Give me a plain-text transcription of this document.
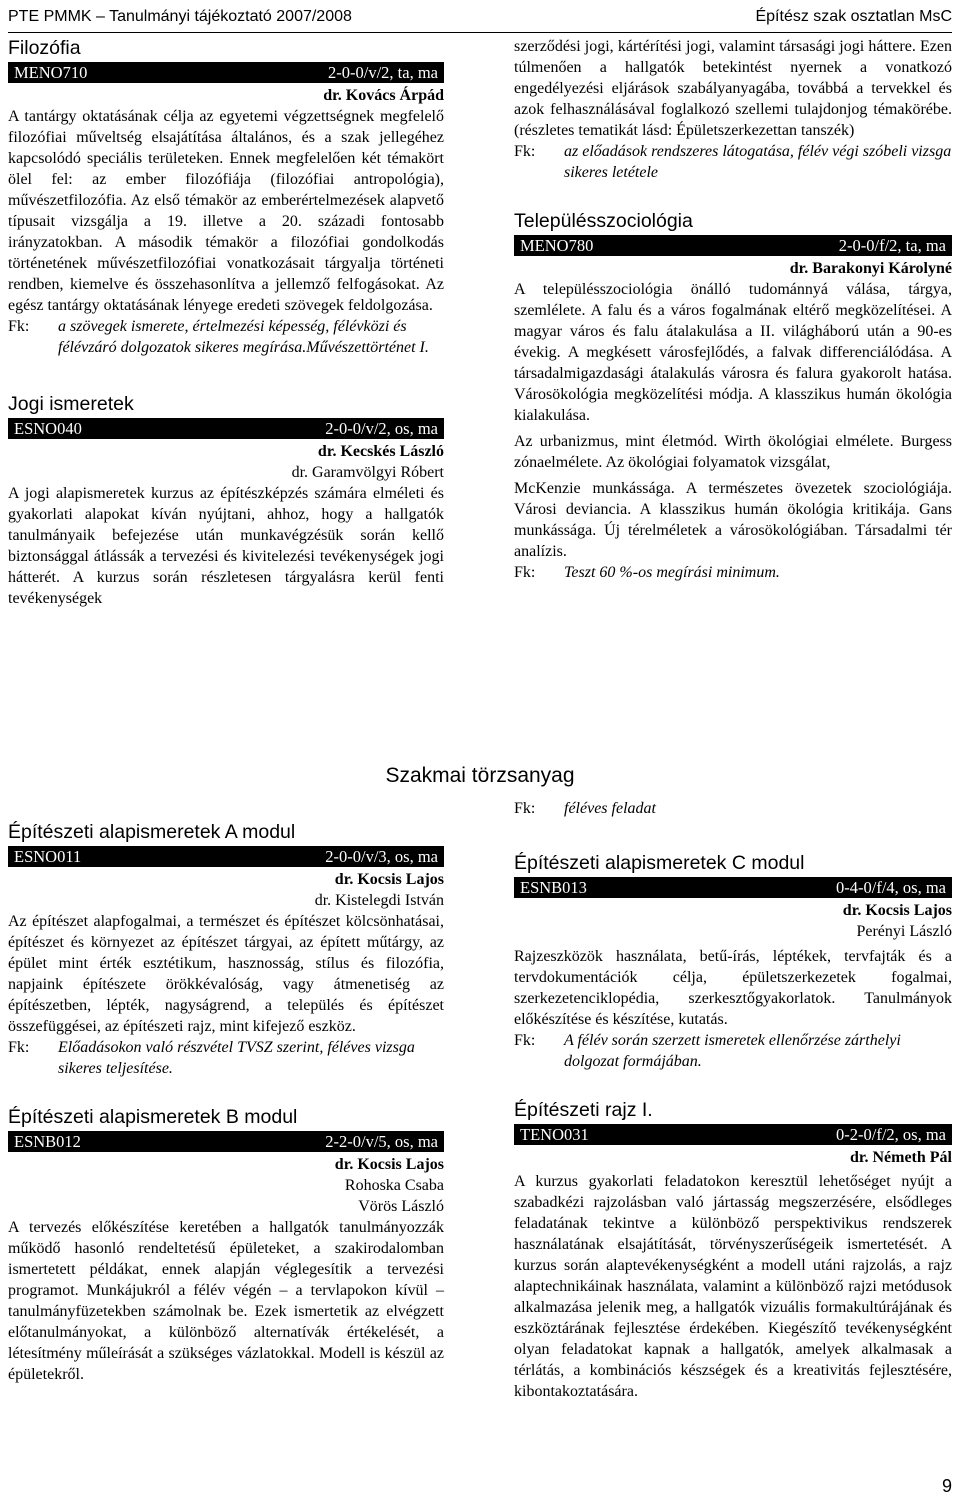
PTE PMMK – Tanulmányi tájékoztató 2007/2008	Építész szak osztatlan MsC
Filozófia
MENO710	2-0-0/v/2, ta, ma
dr. Kovács Árpád

A tantárgy oktatásának célja az egyetemi végzettségnek megfelelő filozófiai műveltség elsajátítása általános, és a szak jellegéhez kapcsolódó speciális területeken. Ennek megfelelően két témakört ölel fel: az ember filozófiája (filozófiai antropológia), művészetfilozófia. Az első témakör az emberértelmezések alapvető típusait vizsgálja a 19. illetve a 20. századi fontosabb irányzatokban. A második témakör a filozófiai gondolkodás történetének művészetfilozófiai vonatkozásait tárgyalja történeti rendben, kiemelve és összehasonlítva a jellemző felfogásokat. Az egész tantárgy oktatásának lényege eredeti szövegek feldolgozása.

Fk: a szövegek ismerete, értelmezési képesség, félévközi és félévzáró dolgozatok sikeres megírása.Művészettörténet I.
Jogi ismeretek
ESNO040	2-0-0/v/2, os, ma
dr. Kecskés László
dr. Garamvölgyi Róbert

A jogi alapismeretek kurzus az építészképzés számára elméleti és gyakorlati alapokat kíván nyújtani, ahhoz, hogy a hallgatók tanulmányaik befejezése után munkavégzésük során kellő biztonsággal átlássák a tervezési és kivitelezési tevékenységek jogi hátterét. A kurzus során részletesen tárgyalásra kerül fenti tevékenységek

szerződési jogi, kártérítési jogi, valamint társasági jogi háttere. Ezen túlmenően a hallgatók betekintést nyernek a vonatkozó engedélyezési eljárások szabályanyagába, továbbá a tervekkel és azok felhasználásával foglalkozó szellemi tulajdonjog témakörébe. (részletes tematikát lásd: Épületszerkezettan tanszék)

Fk: az előadások rendszeres látogatása, félév végi szóbeli vizsga sikeres letétele
Településszociológia
MENO780	2-0-0/f/2, ta, ma
dr. Barakonyi Károlyné

A településszociológia önálló tudománnyá válása, tárgya, szemlélete. A falu és a város fogalmának eltérő megközelítései. A magyar város és falu átalakulása a II. világháború után a 90-es évekig. A megkésett városfejlődés, a falvak differenciálódása. A társadalmigazdasági átalakulás városra és falura gyakorolt hatása. Városökológia megközelítési módja. A klasszikus humán ökológia kialakulása.

Az urbanizmus, mint életmód. Wirth ökológiai elmélete. Burgess zónaelmélete. Az ökológiai folyamatok vizsgálat,

McKenzie munkássága. A természetes övezetek szociológiája. Városi deviancia. A klasszikus humán ökológia kritikája. Gans munkássága. Új térelméletek a városökológiában. Társadalmi tér analízis.

Fk: Teszt 60 %-os megírási minimum.
Szakmai törzsanyag
Építészeti alapismeretek A modul
ESNO011	2-0-0/v/3, os, ma
dr. Kocsis Lajos
dr. Kistelegdi István

Az építészet alapfogalmai, a természet és építészet kölcsönhatásai, építészet és környezet az építészet tárgyai, az épített műtárgy, az épület mint érték esztétikum, hasznosság, stílus és filozófia, napjaink építészete örökkévalóság, vagy átmenetiség az építészetben, lépték, nagyságrend, a település és építészet összefüggései, az építészeti rajz, mint kifejező eszköz.

Fk: Előadásokon való részvétel TVSZ szerint, féléves vizsga sikeres teljesítése.
Építészeti alapismeretek B modul
ESNB012	2-2-0/v/5, os, ma
dr. Kocsis Lajos
Rohoska Csaba
Vörös László

A tervezés előkészítése keretében a hallgatók tanulmányozzák működő hasonló rendeltetésű épületeket, a szakirodalomban ismertetett példákat, ennek alapján véglegesítik a tervezési programot. Munkájukról a félév végén – a tervlapokon kívül – tanulmányfüzetekben számolnak be. Ezek ismertetik az elvégzett előtanulmányokat, a különböző alternatívák értékelését, a létesítmény műleírását a szükséges vázlatokkal. Modell is készül az épületekről.

Fk: féléves feladat
Építészeti alapismeretek C modul
ESNB013	0-4-0/f/4, os, ma
dr. Kocsis Lajos
Perényi László

Rajzeszközök használata, betű-írás, léptékek, tervfajták és a tervdokumentációk célja, épületszerkezetek fogalmai, szerkezetenciklopédia, szerkesztőgyakorlatok. Tanulmányok előkészítése és készítése, kutatás.

Fk: A félév során szerzett ismeretek ellenőrzése zárthelyi dolgozat formájában.
Építészeti rajz I.
TENO031	0-2-0/f/2, os, ma
dr. Németh Pál

A kurzus gyakorlati feladatokon keresztül lehetőséget nyújt a szabadkézi rajzolásban való jártasság megszerzésére, elsődleges feladatának tekintve a különböző perspektivikus rendszerek használatának elsajátítását, törvényszerűségeik ismertetését. A kurzus során alaptevékenységként a modell utáni rajzolás, a rajz alaptechnikáinak használata, valamint a különböző rajzi metódusok alkalmazása jelenik meg, a hallgatók vizuális formakultúrájának és eszköztárának fejlesztése érdekében. Kiegészítő tevékenységként olyan feladatokat kapnak a hallgatók, amelyek alkalmasak a térlátás, a kombinációs készségek és a kreativitás fejlesztésére, kibontakoztatására.

9
